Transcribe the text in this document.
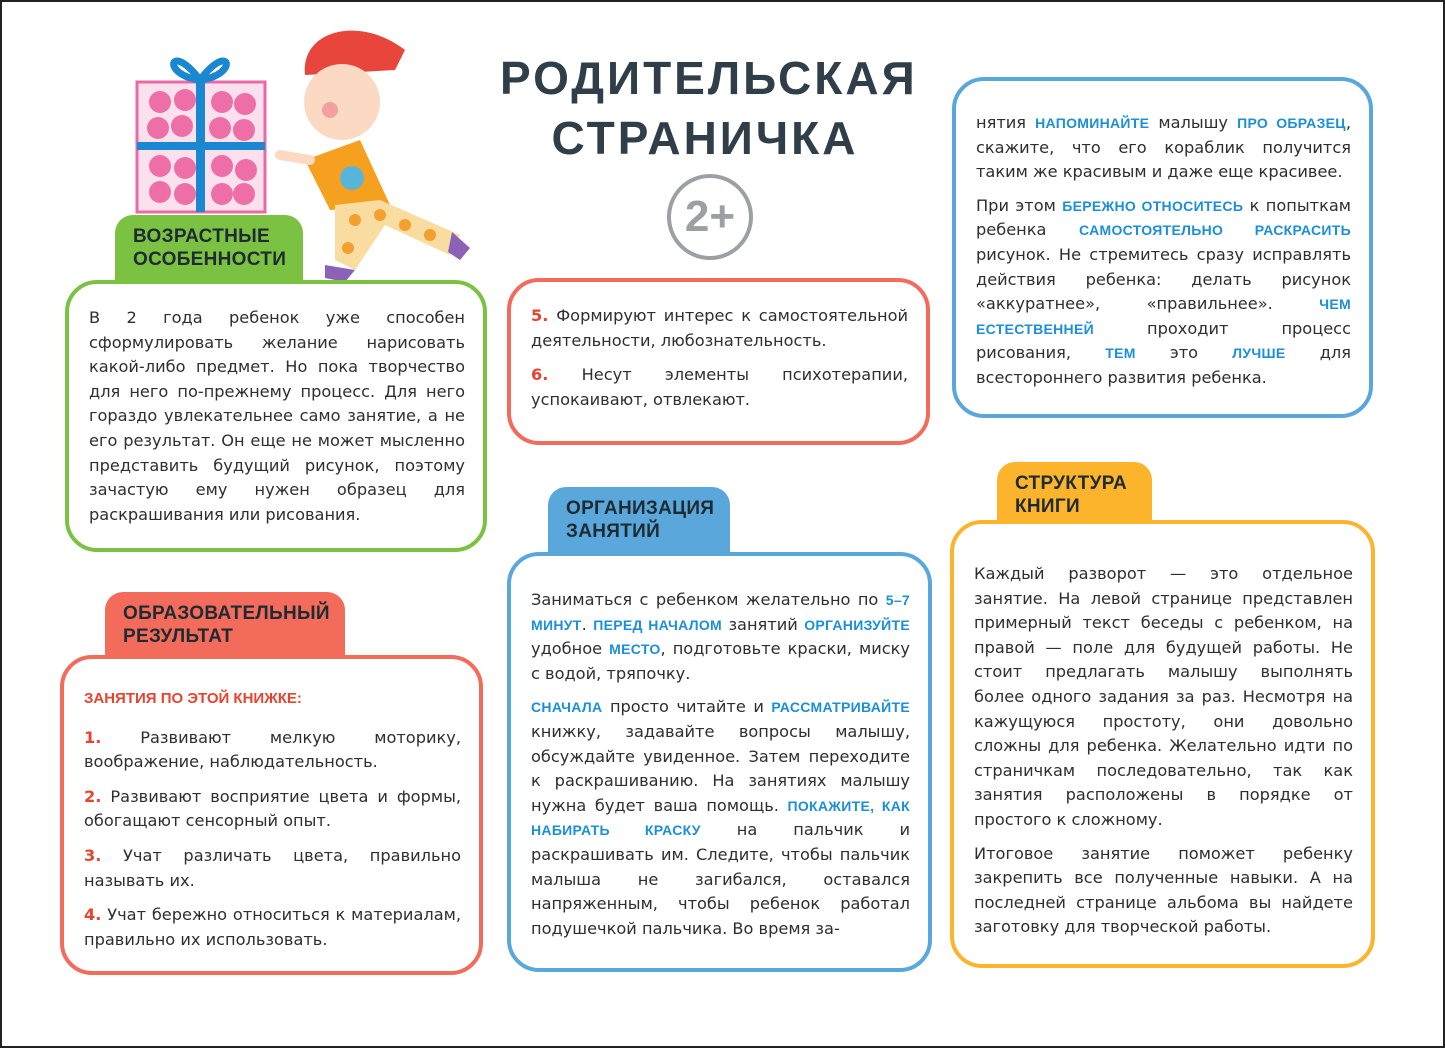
РОДИТЕЛЬСКАЯ
СТРАНИЧКА
2+
ВОЗРАСТНЫЕ
ОСОБЕННОСТИ

В 2 года ребенок уже способен сформулировать желание нарисовать какой-либо предмет. Но пока творчество для него по-прежнему процесс. Для него гораздо увлекательнее само занятие, а не его результат. Он еще не может мысленно представить будущий рисунок, поэтому зачастую ему нужен образец для раскрашивания или рисования.

ОБРАЗОВАТЕЛЬНЫЙ
РЕЗУЛЬТАТ
ЗАНЯТИЯ ПО ЭТОЙ КНИЖКЕ:

1. Развивают мелкую моторику, воображение, наблюдательность.

2. Развивают восприятие цвета и формы, обогащают сенсорный опыт.

3. Учат различать цвета, правильно называть их.

4. Учат бережно относиться к материалам, правильно их использовать.

5. Формируют интерес к самостоятельной деятельности, любознательность.

6. Несут элементы психотерапии, успокаивают, отвлекают.

ОРГАНИЗАЦИЯ
ЗАНЯТИЙ

Заниматься с ребенком желательно по 5–7 МИНУТ. ПЕРЕД НАЧАЛОМ занятий ОРГАНИЗУЙТЕ удобное МЕСТО, подготовьте краски, миску с водой, тряпочку.

СНАЧАЛА просто читайте и РАССМАТРИВАЙТЕ книжку, задавайте вопросы малышу, обсуждайте увиденное. Затем переходите к раскрашиванию. На занятиях малышу нужна будет ваша помощь. ПОКАЖИТЕ, КАК НАБИРАТЬ КРАСКУ на пальчик и раскрашивать им. Следите, чтобы пальчик малыша не загибался, оставался напряженным, чтобы ребенок работал подушечкой пальчика. Во время за-

нятия НАПОМИНАЙТЕ малышу ПРО ОБРАЗЕЦ, скажите, что его кораблик получится таким же красивым и даже еще красивее.

При этом БЕРЕЖНО ОТНОСИТЕСЬ к попыткам ребенка САМОСТОЯТЕЛЬНО РАСКРАСИТЬ рисунок. Не стремитесь сразу исправлять действия ребенка: делать рисунок «аккуратнее», «правильнее». ЧЕМ ЕСТЕСТВЕННЕЙ проходит процесс рисования, ТЕМ это ЛУЧШЕ для всестороннего развития ребенка.

СТРУКТУРА
КНИГИ

Каждый разворот — это отдельное занятие. На левой странице представлен примерный текст беседы с ребенком, на правой — поле для будущей работы. Не стоит предлагать малышу выполнять более одного задания за раз. Несмотря на кажущуюся простоту, они довольно сложны для ребенка. Желательно идти по страничкам последовательно, так как занятия расположены в порядке от простого к сложному.

Итоговое занятие поможет ребенку закрепить все полученные навыки. А на последней странице альбома вы найдете заготовку для творческой работы.
